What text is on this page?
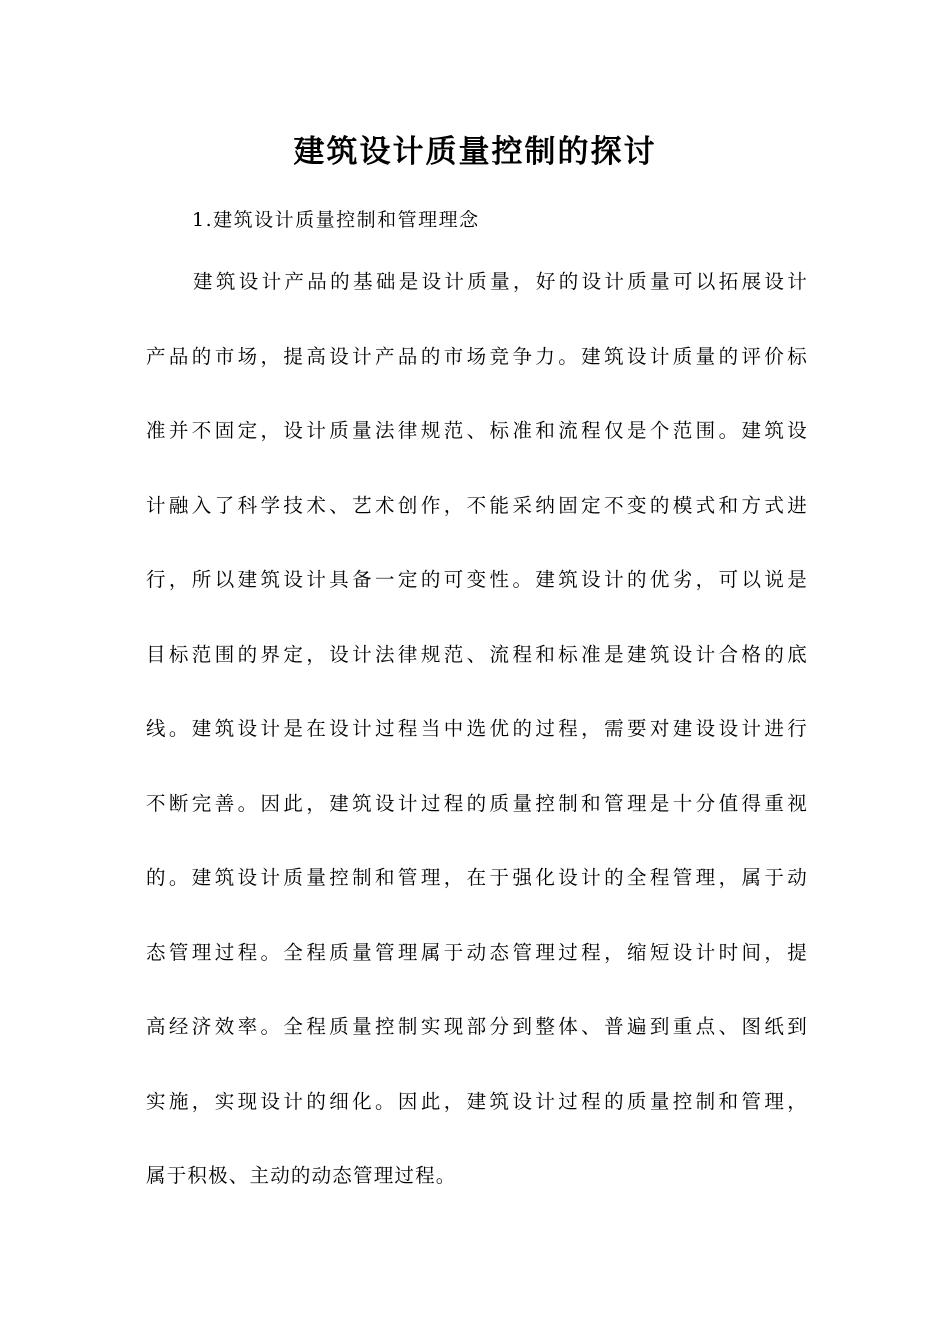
建筑设计质量控制的探讨

1.建筑设计质量控制和管理理念

建筑设计产品的基础是设计质量，好的设计质量可以拓展设计
产品的市场，提高设计产品的市场竞争力。建筑设计质量的评价标
准并不固定，设计质量法律规范、标准和流程仅是个范围。建筑设
计融入了科学技术、艺术创作，不能采纳固定不变的模式和方式进
行，所以建筑设计具备一定的可变性。建筑设计的优劣，可以说是
目标范围的界定，设计法律规范、流程和标准是建筑设计合格的底
线。建筑设计是在设计过程当中选优的过程，需要对建设设计进行
不断完善。因此，建筑设计过程的质量控制和管理是十分值得重视
的。建筑设计质量控制和管理，在于强化设计的全程管理，属于动
态管理过程。全程质量管理属于动态管理过程，缩短设计时间，提
高经济效率。全程质量控制实现部分到整体、普遍到重点、图纸到
实施，实现设计的细化。因此，建筑设计过程的质量控制和管理，
属于积极、主动的动态管理过程。
